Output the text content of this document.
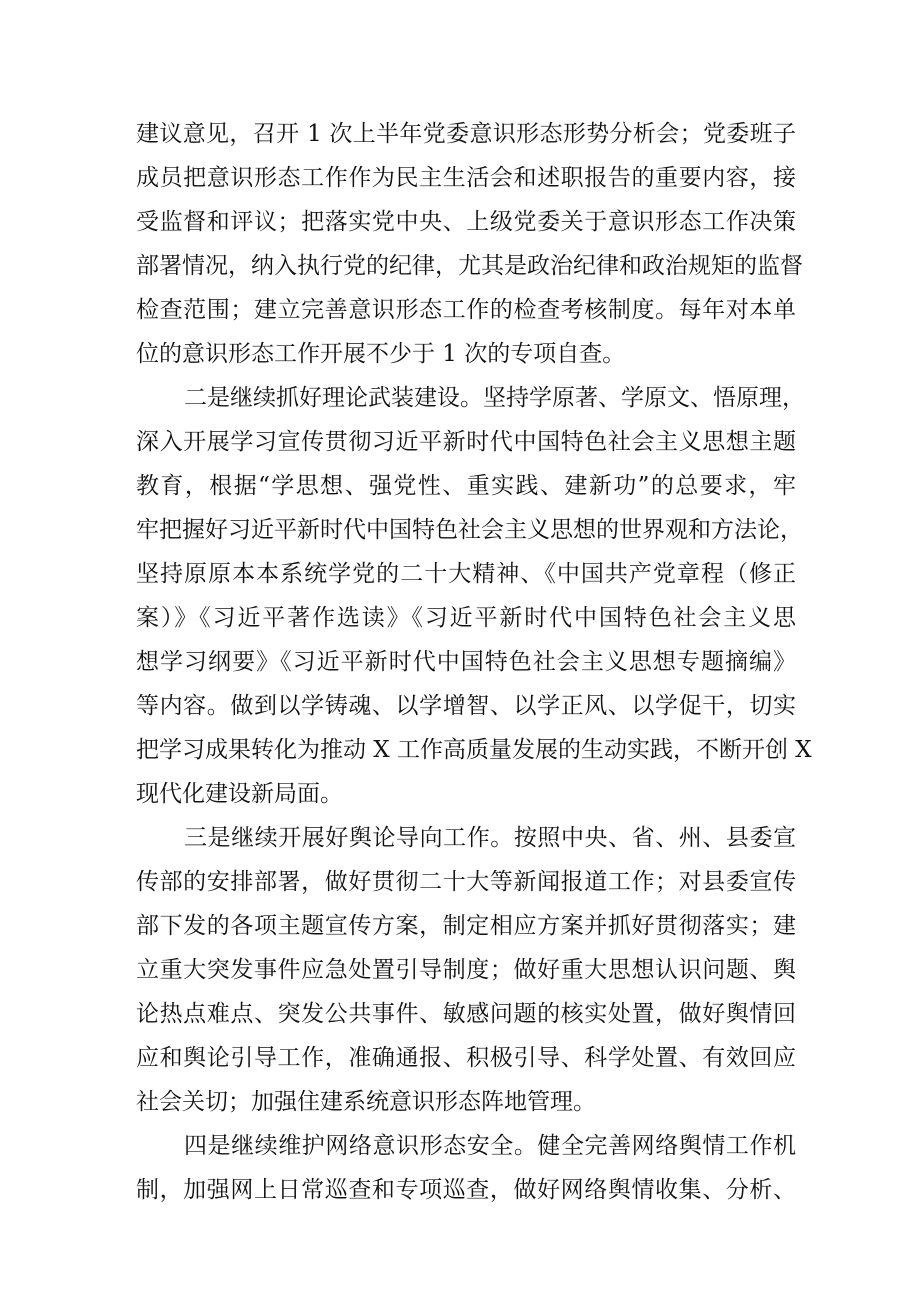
建议意见，召开 1 次上半年党委意识形态形势分析会；党委班子
成员把意识形态工作作为民主生活会和述职报告的重要内容，接
受监督和评议；把落实党中央、上级党委关于意识形态工作决策
部署情况，纳入执行党的纪律，尤其是政治纪律和政治规矩的监督
检查范围；建立完善意识形态工作的检查考核制度。每年对本单
位的意识形态工作开展不少于 1 次的专项自查。
二是继续抓好理论武装建设。坚持学原著、学原文、悟原理，
深入开展学习宣传贯彻习近平新时代中国特色社会主义思想主题
教育，根据“学思想、强党性、重实践、建新功”的总要求，牢
牢把握好习近平新时代中国特色社会主义思想的世界观和方法论，
坚持原原本本系统学党的二十大精神、《中国共产党章程（修正
案）》《习近平著作选读》《习近平新时代中国特色社会主义思
想学习纲要》《习近平新时代中国特色社会主义思想专题摘编》
等内容。做到以学铸魂、以学增智、以学正风、以学促干，切实
把学习成果转化为推动 X 工作高质量发展的生动实践，不断开创 X
现代化建设新局面。
三是继续开展好舆论导向工作。按照中央、省、州、县委宣
传部的安排部署，做好贯彻二十大等新闻报道工作；对县委宣传
部下发的各项主题宣传方案，制定相应方案并抓好贯彻落实；建
立重大突发事件应急处置引导制度；做好重大思想认识问题、舆
论热点难点、突发公共事件、敏感问题的核实处置，做好舆情回
应和舆论引导工作，准确通报、积极引导、科学处置、有效回应
社会关切；加强住建系统意识形态阵地管理。
四是继续维护网络意识形态安全。健全完善网络舆情工作机
制，加强网上日常巡查和专项巡查，做好网络舆情收集、分析、
